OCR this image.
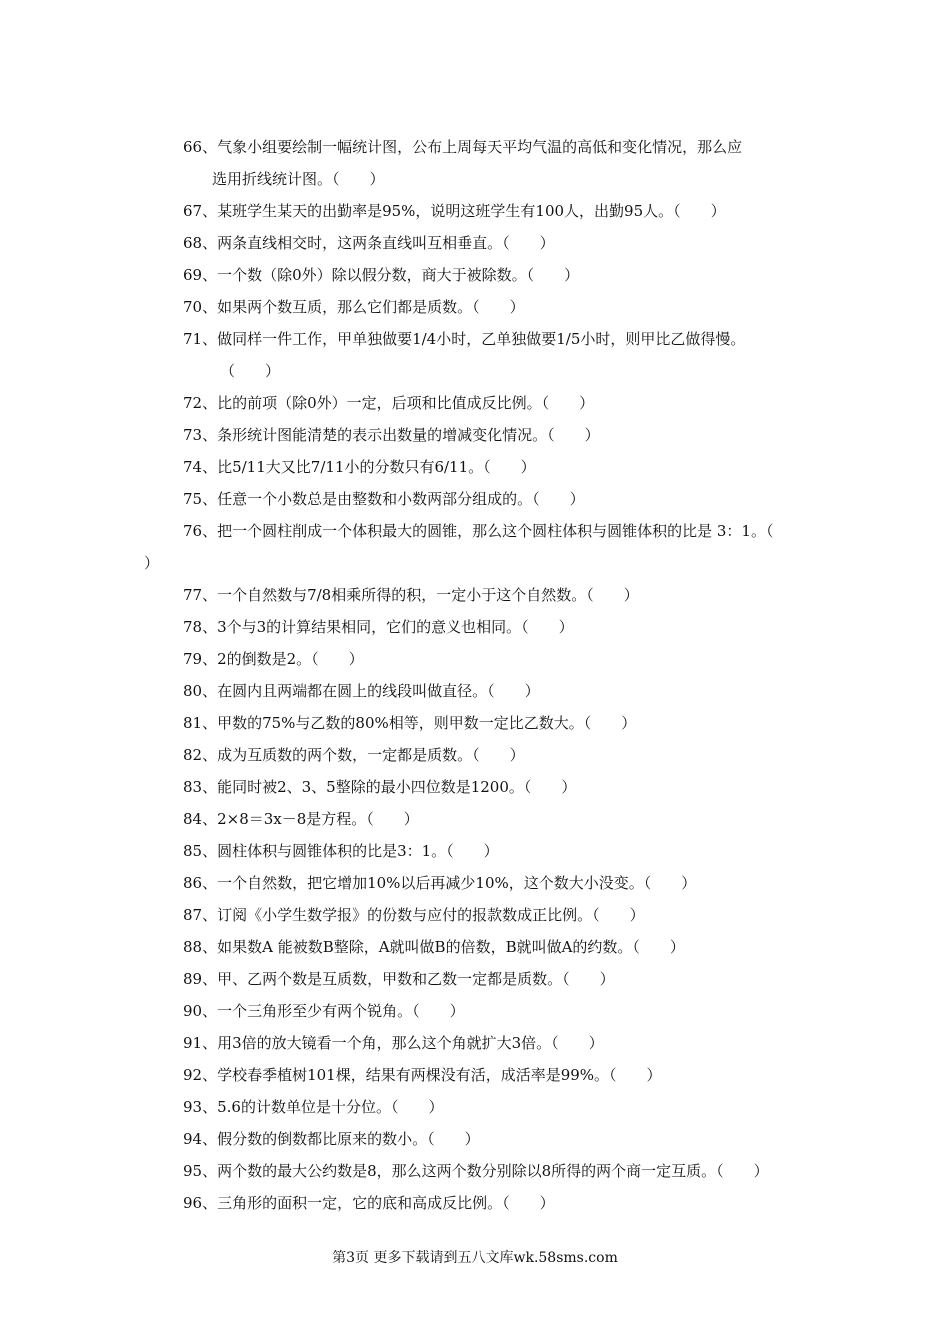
66、气象小组要绘制一幅统计图，公布上周每天平均气温的高低和变化情况，那么应
选用折线统计图。（　　）
67、某班学生某天的出勤率是95%，说明这班学生有100人，出勤95人。（　　）
68、两条直线相交时，这两条直线叫互相垂直。（　　）
69、一个数（除0外）除以假分数，商大于被除数。（　　）
70、如果两个数互质，那么它们都是质数。（　　）
71、做同样一件工作，甲单独做要1/4小时，乙单独做要1/5小时，则甲比乙做得慢。
（　　）
72、比的前项（除0外）一定，后项和比值成反比例。（　　）
73、条形统计图能清楚的表示出数量的增减变化情况。（　　）
74、比5/11大又比7/11小的分数只有6/11。（　　）
75、任意一个小数总是由整数和小数两部分组成的。（　　）
76、把一个圆柱削成一个体积最大的圆锥，那么这个圆柱体积与圆锥体积的比是 3：1。（
）
77、一个自然数与7/8相乘所得的积，一定小于这个自然数。（　　）
78、3个与3的计算结果相同，它们的意义也相同。（　　）
79、2的倒数是2。（　　）
80、在圆内且两端都在圆上的线段叫做直径。（　　）
81、甲数的75%与乙数的80%相等，则甲数一定比乙数大。（　　）
82、成为互质数的两个数，一定都是质数。（　　）
83、能同时被2、3、5整除的最小四位数是1200。（　　）
84、2×8＝3x－8是方程。（　　）
85、圆柱体积与圆锥体积的比是3：1。（　　）
86、一个自然数，把它增加10%以后再减少10%，这个数大小没变。（　　）
87、订阅《小学生数学报》的份数与应付的报款数成正比例。（　　）
88、如果数A 能被数B整除，A就叫做B的倍数，B就叫做A的约数。（　　）
89、甲、乙两个数是互质数，甲数和乙数一定都是质数。（　　）
90、一个三角形至少有两个锐角。（　　）
91、用3倍的放大镜看一个角，那么这个角就扩大3倍。（　　）
92、学校春季植树101棵，结果有两棵没有活，成活率是99%。（　　）
93、5.6的计数单位是十分位。（　　）
94、假分数的倒数都比原来的数小。（　　）
95、两个数的最大公约数是8，那么这两个数分别除以8所得的两个商一定互质。（　　）
96、三角形的面积一定，它的底和高成反比例。（　　）
第3页 更多下载请到五八文库wk.58sms.com
